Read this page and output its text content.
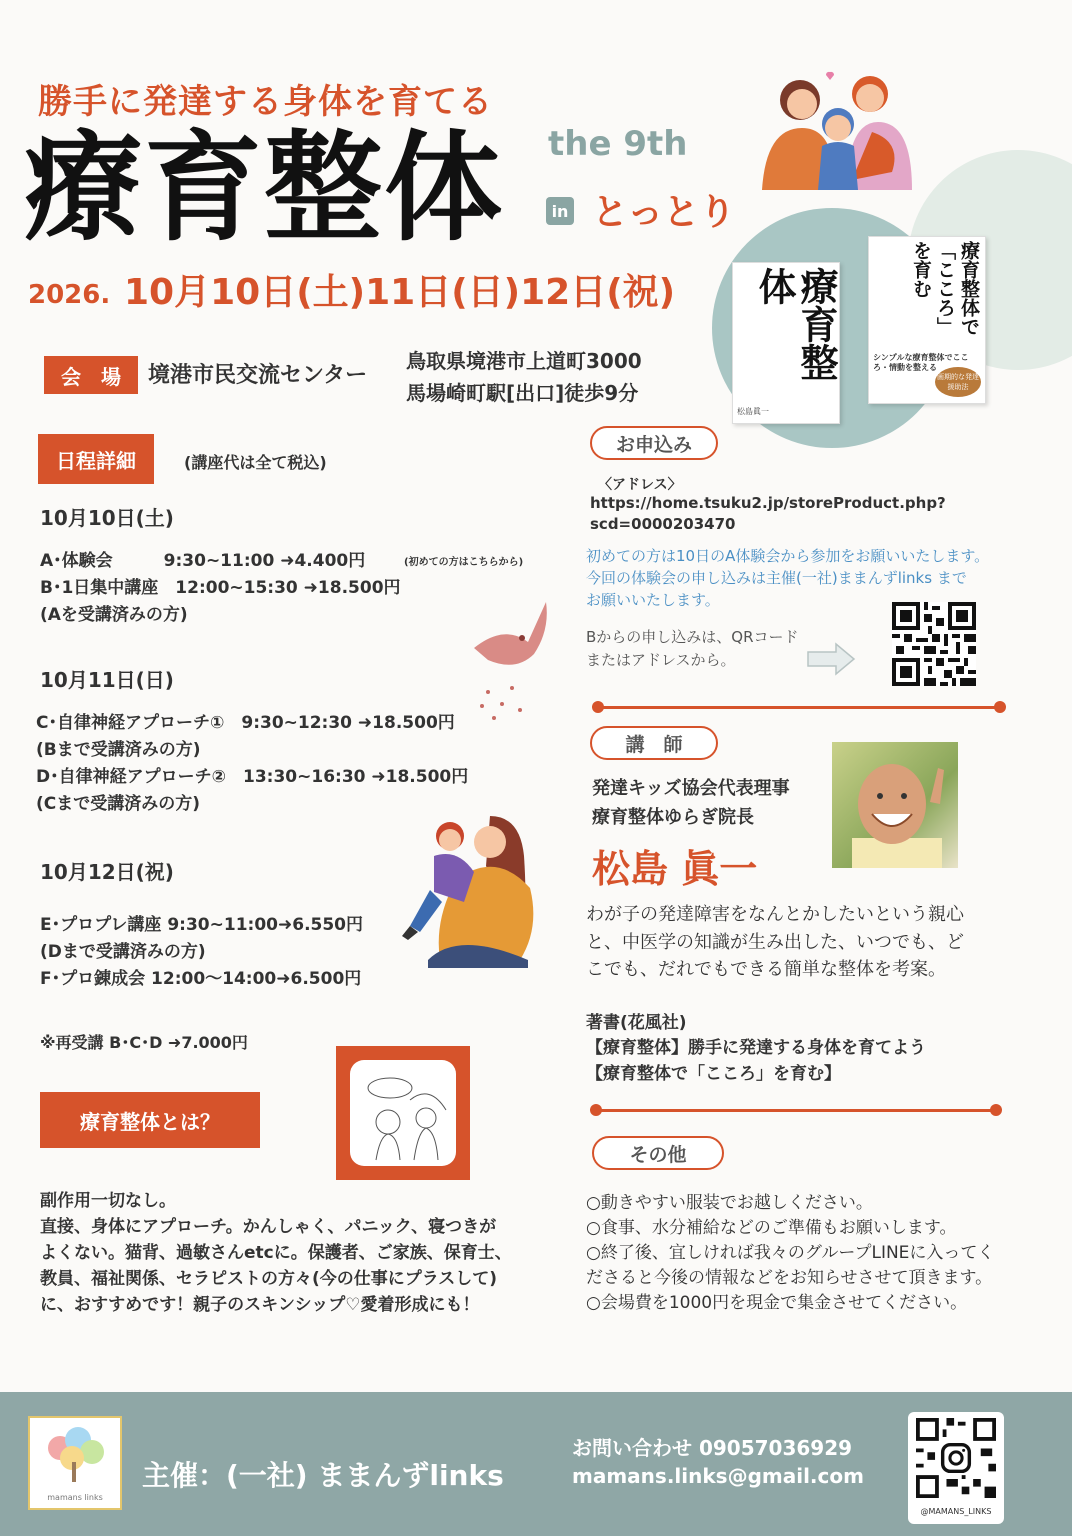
勝手に発達する身体を育てる
療育整体 the 9th
in とっとり
2026. 10月10日(土)11日(日)12日(祝)	療育整体
松島眞一
療育整体で「こころ」を育む
シンプルな療育整体でこころ・情動を整える
画期的な発達援助法
会　場	境港市民交流センター
鳥取県境港市上道町3000
馬場崎町駅[出口]徒歩9分
日程詳細	(講座代は全て税込)
10月10日(土)
A･体験会　　　9:30~11:00 ➜4.400円	(初めての方はこちらから)
B･1日集中講座　12:00~15:30 ➜18.500円
(Aを受講済みの方)
10月11日(日)
C･自律神経アプローチ①　9:30~12:30 ➜18.500円
(Bまで受講済みの方)
D･自律神経アプローチ②　13:30~16:30 ➜18.500円
(Cまで受講済みの方)
10月12日(祝)
E･プロプレ講座 9:30~11:00➜6.550円
(Dまで受講済みの方)
F･プロ錬成会 12:00〜14:00➜6.500円
※再受講 B･C･D ➜7.000円
療育整体とは？
副作用一切なし。
直接、身体にアプローチ。かんしゃく、パニック、寝つきが
よくない。猫背、過敏さんetcに。保護者、ご家族、保育士、
教員、福祉関係、セラピストの方々(今の仕事にプラスして)
に、おすすめです！親子のスキンシップ♡愛着形成にも！
お申込み
〈アドレス〉
https://home.tsuku2.jp/storeProduct.php?
scd=0000203470
初めての方は10日のA体験会から参加をお願いいたします。
今回の体験会の申し込みは主催(一社)ままんずlinks まで
お願いいたします。
Bからの申し込みは、QRコード
またはアドレスから。
講　師
発達キッズ協会代表理事
療育整体ゆらぎ院長
松島 眞一
わが子の発達障害をなんとかしたいという親心
と、中医学の知識が生み出した、いつでも、ど
こでも、だれでもできる簡単な整体を考案。
著書(花風社)
【療育整体】勝手に発達する身体を育てよう
【療育整体で「こころ」を育む】
その他
○動きやすい服装でお越しください。
○食事、水分補給などのご準備もお願いします。
○終了後、宜しければ我々のグループLINEに入ってく
ださると今後の情報などをお知らせさせて頂きます。
○会場費を1000円を現金で集金させてください。
mamans links
主催：(一社) ままんずlinks
お問い合わせ 09057036929
mamans.links@gmail.com
@MAMANS_LINKS
